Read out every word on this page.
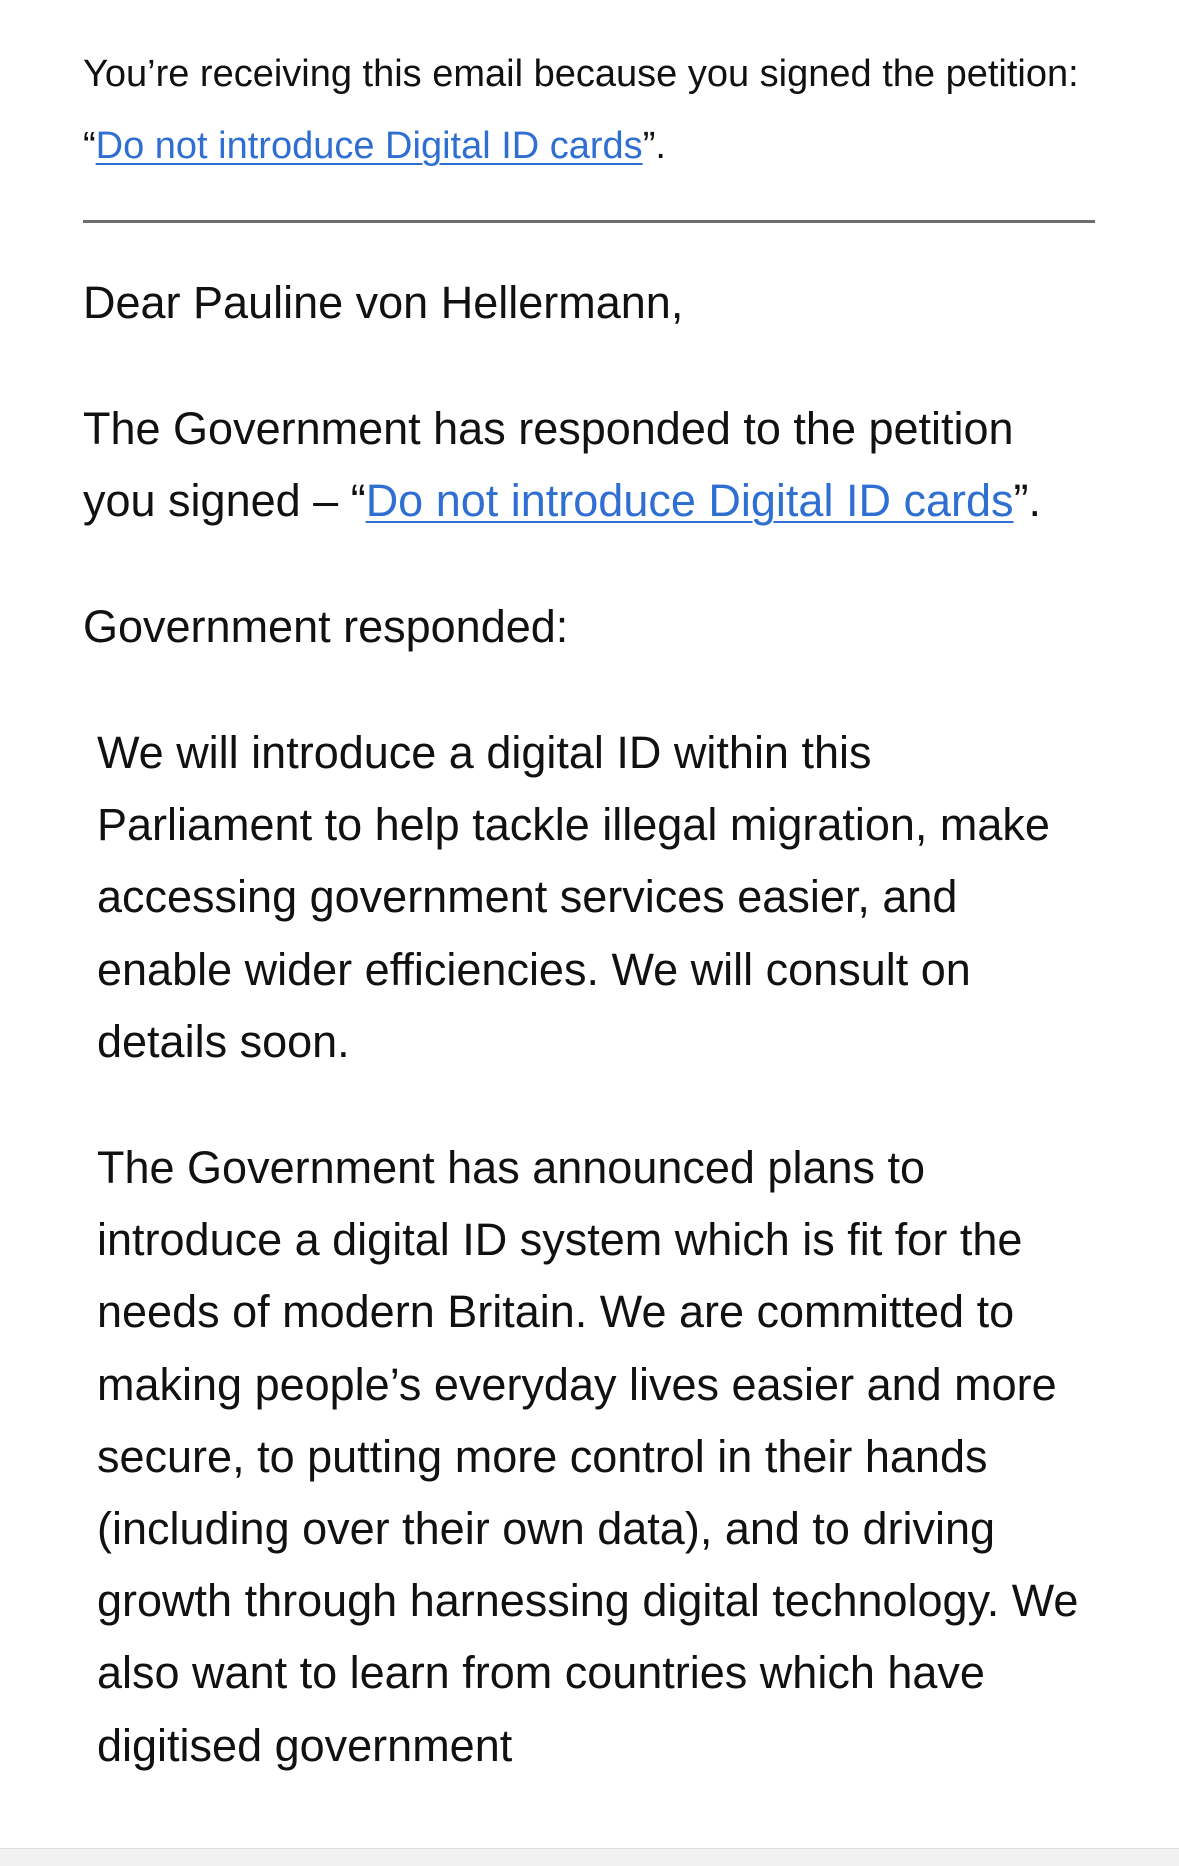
You’re receiving this email because you signed the petition: “Do not introduce Digital ID cards”.

Dear Pauline von Hellermann,

The Government has responded to the petition you signed – “Do not introduce Digital ID cards”.

Government responded:

We will introduce a digital ID within this Parliament to help tackle illegal migration, make accessing government services easier, and enable wider efficiencies. We will consult on details soon.

The Government has announced plans to introduce a digital ID system which is fit for the needs of modern Britain. We are committed to making people’s everyday lives easier and more secure, to putting more control in their hands (including over their own data), and to driving growth through harnessing digital technology. We also want to learn from countries which have digitised government
